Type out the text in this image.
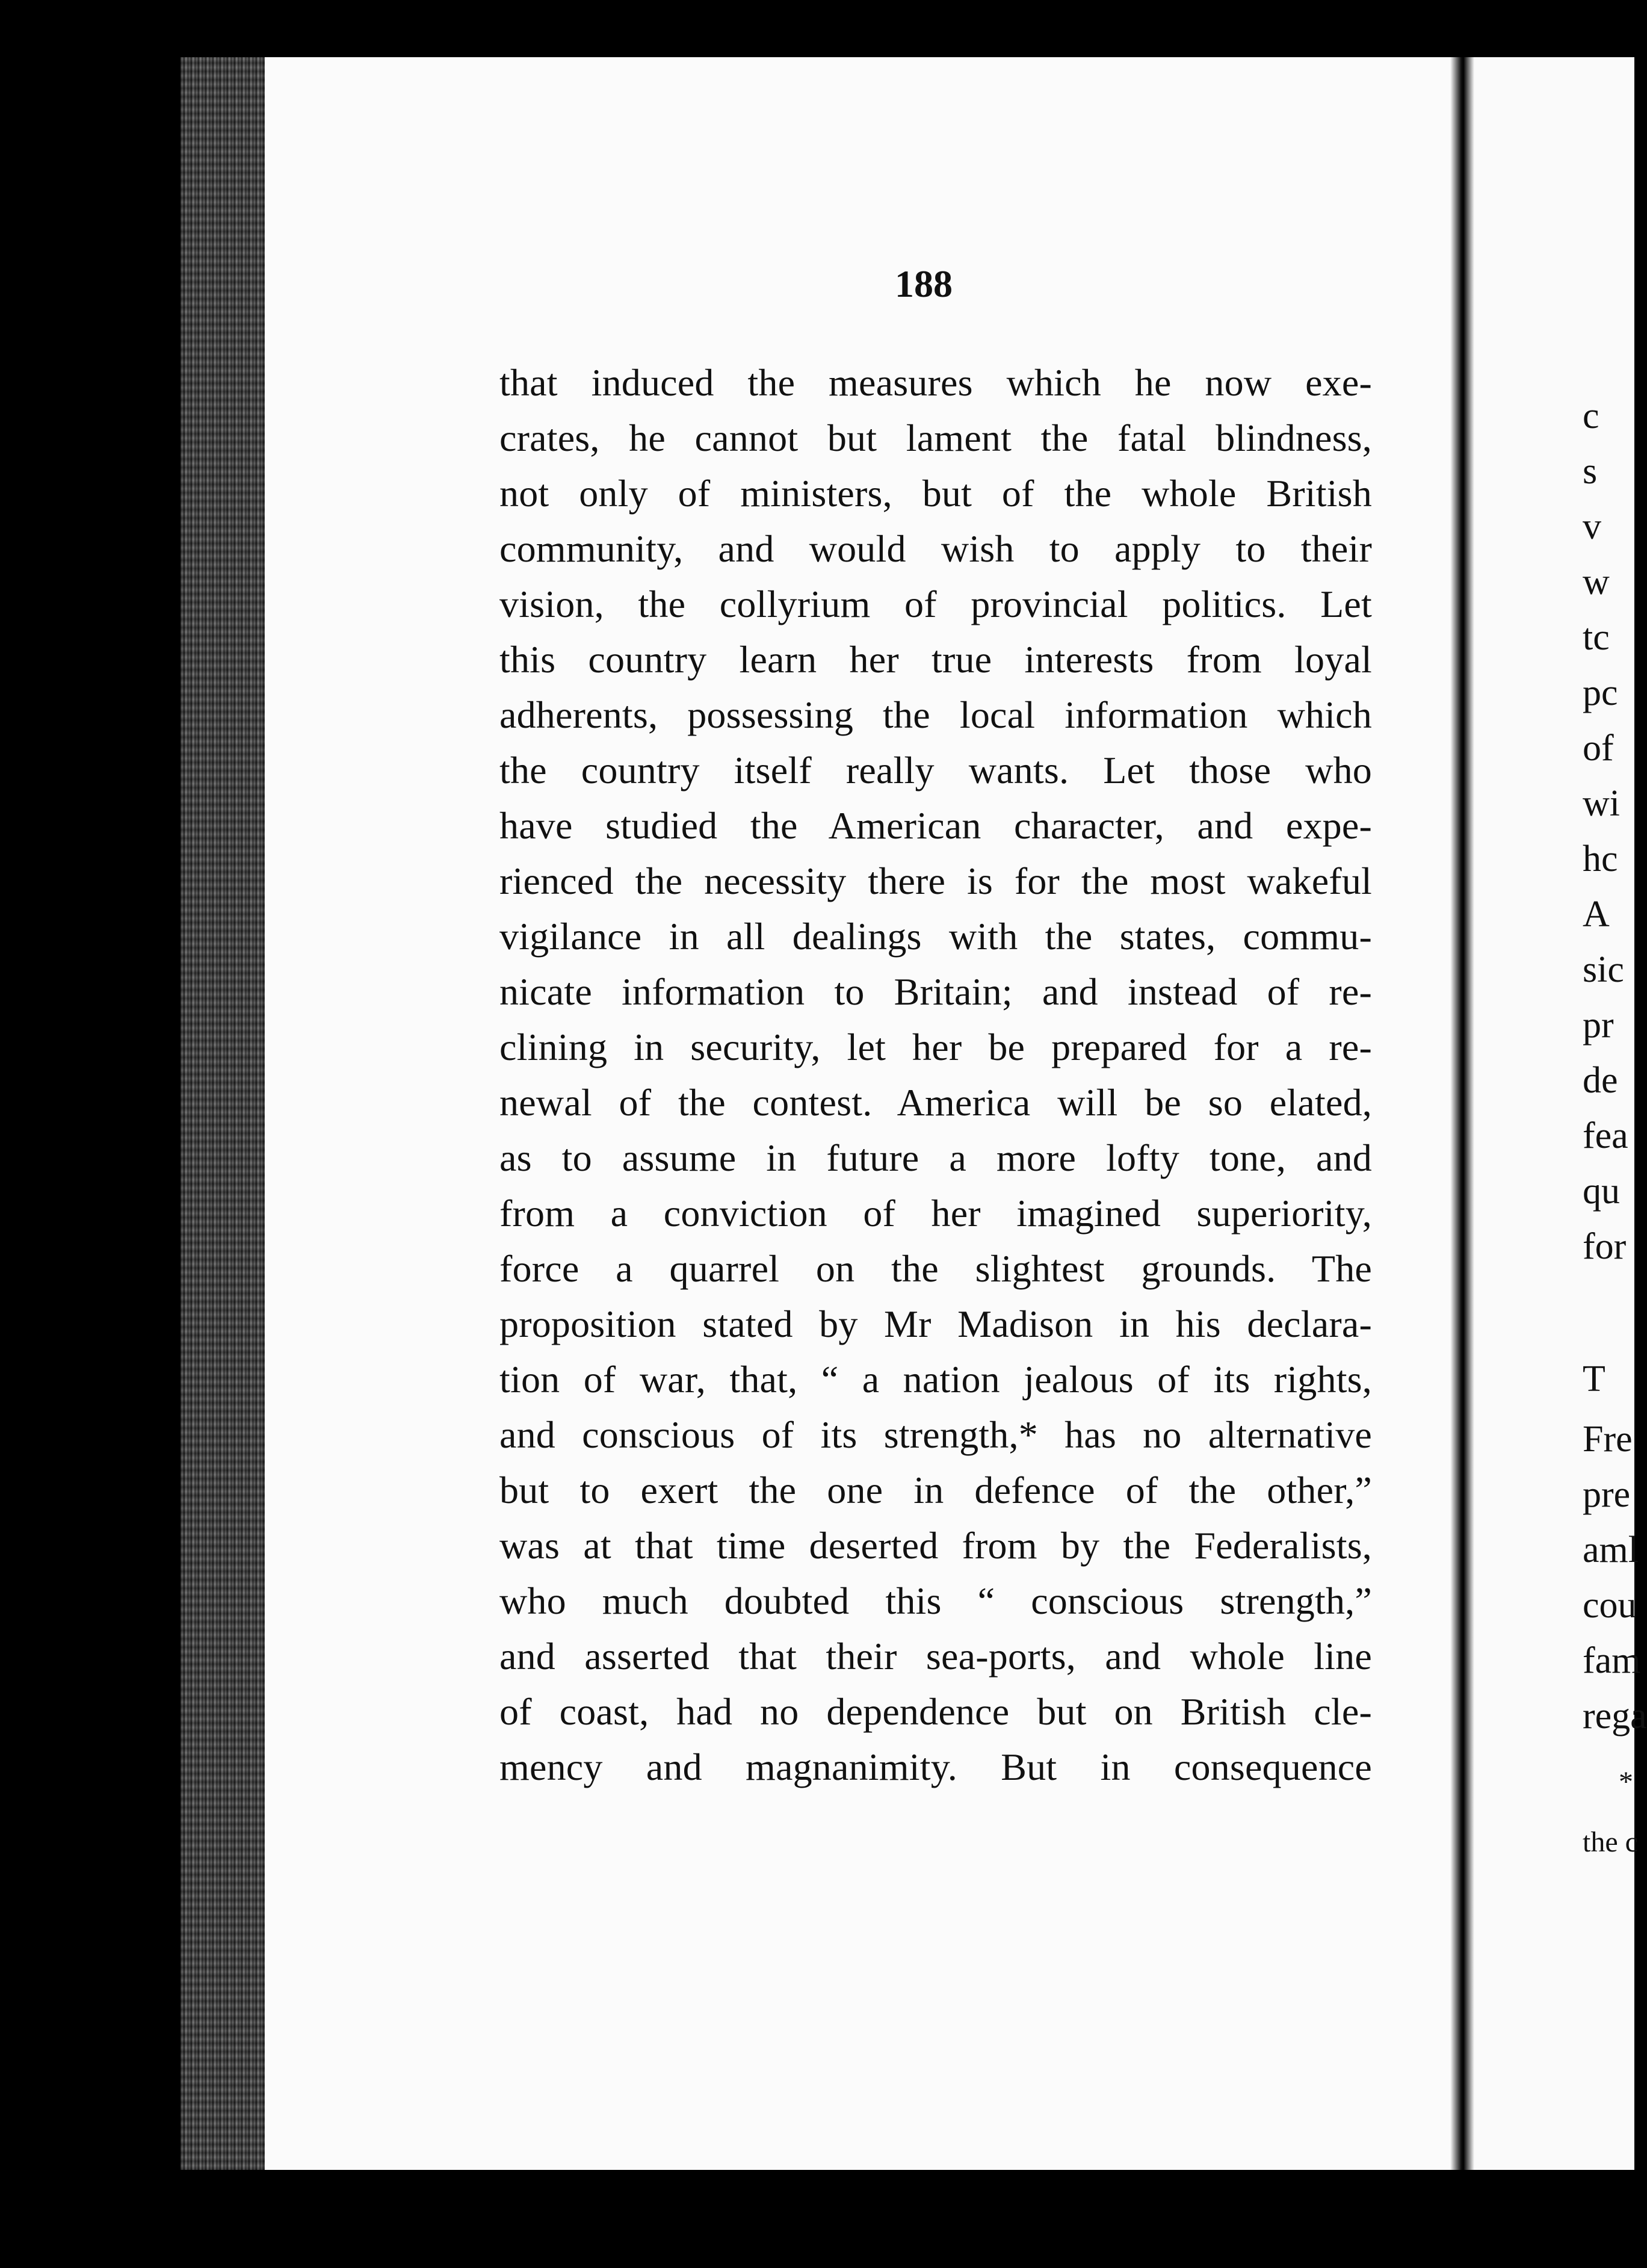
c
s
v
w
tc
pc
of
wi
hc
A
sic
pr
de
fea
qu
for
T
Fre
pre
aml
cou
fam
rega
*
the c
188
that induced the measures which he now exe-
crates, he cannot but lament the fatal blindness,
not only of ministers, but of the whole British
community, and would wish to apply to their
vision, the collyrium of provincial politics. Let
this country learn her true interests from loyal
adherents, possessing the local information which
the country itself really wants. Let those who
have studied the American character, and expe-
rienced the necessity there is for the most wakeful
vigilance in all dealings with the states, commu-
nicate information to Britain; and instead of re-
clining in security, let her be prepared for a re-
newal of the contest. America will be so elated,
as to assume in future a more lofty tone, and
from a conviction of her imagined superiority,
force a quarrel on the slightest grounds. The
proposition stated by Mr Madison in his declara-
tion of war, that, “ a nation jealous of its rights,
and conscious of its strength,* has no alternative
but to exert the one in defence of the other,”
was at that time deserted from by the Federalists,
who much doubted this “ conscious strength,”
and asserted that their sea-ports, and whole line
of coast, had no dependence but on British cle-
mency and magnanimity. But in consequence
